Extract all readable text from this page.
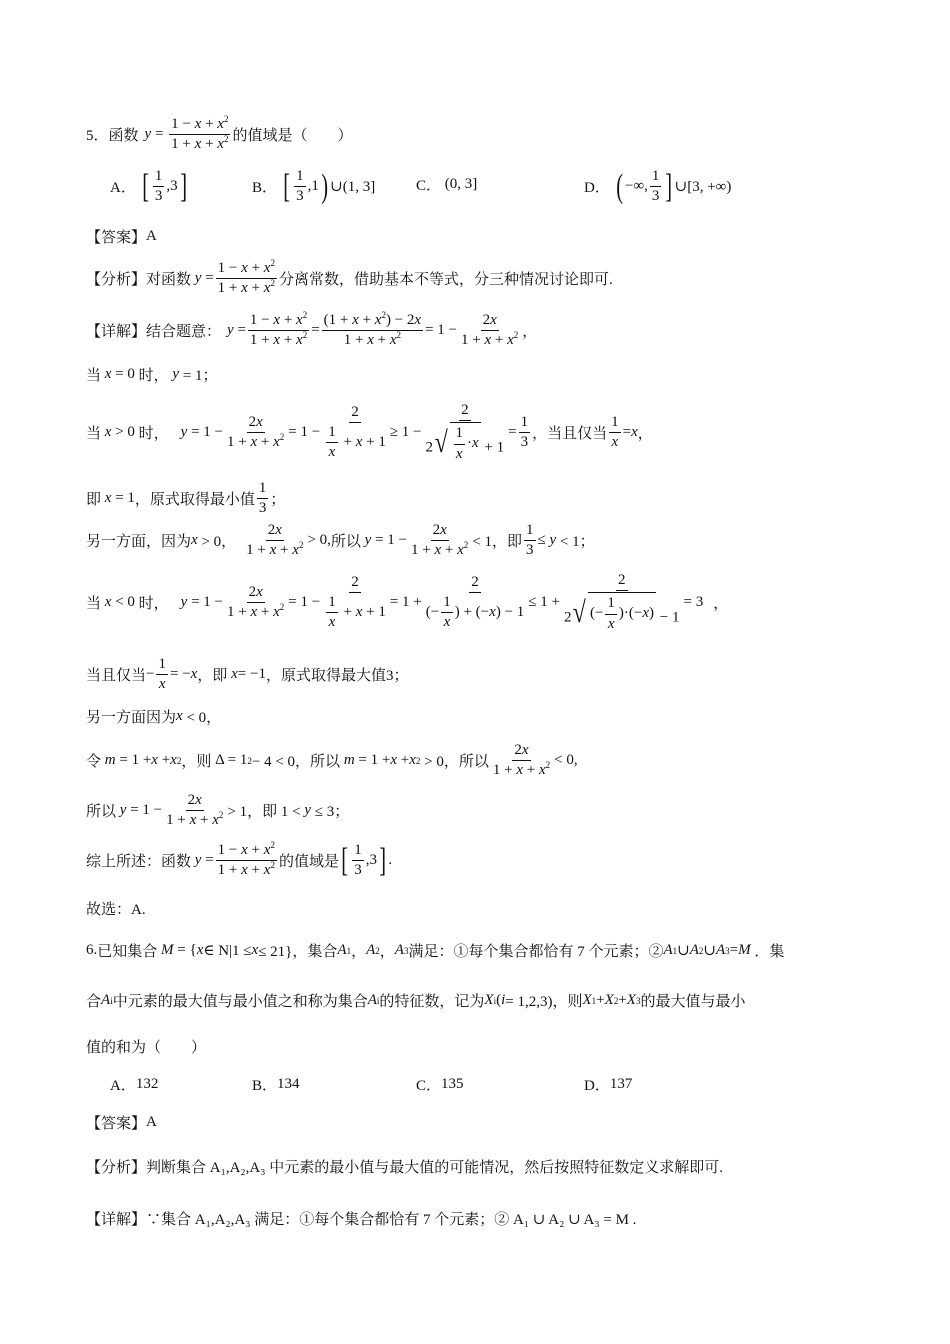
5． 函数 $y = \frac{1 - x + x^2}{1 + x + x^2}$ 的值域是（　　）
A．
[ $\frac{1}{3} ,3$ ]	B．
[ $\frac{1}{3} ,1$ ) ∪(1, 3]	C． (0, 3]	D．
( −∞, $\frac{1}{3}$ ] ∪[3, +∞)
【答案】 A
【分析】 对函数 $y = \frac{1 - x + x^2}{1 + x + x^2}$ 分离常数，借助基本不等式，分三种情况讨论即可.
【详解】 结合题意： $y = \frac{1 - x + x^2}{1 + x + x^2} = \frac{(1 + x + x^2) - 2x}{1 + x + x^2} = 1 - \frac{2x}{1 + x + x^2}$ ，
当 x = 0 时，
y = 1；
当 x > 0 时， $y = 1 - \frac{2x}{1 + x + x^2} = 1 - \frac{2}{\frac{1}{x} + x + 1} \ge 1 - \frac{2}{2 √ \frac{1}{x} \cdot x + 1} = \frac{1}{3}$ ， 当且仅当 $\frac{1}{x} = x$ ，
即 x = 1 ，原式取得最小值 $\frac{1}{3}$ ；
另一方面，因为 x > 0， $\frac{2x}{1 + x + x^2} > 0$, 所以 $y = 1 - \frac{2x}{1 + x + x^2} < 1$，即 $\frac{1}{3} \le y < 1$；
当 x < 0 时， $y = 1 - \frac{2x}{1 + x + x^2} = 1 - \frac{2}{\frac{1}{x} + x + 1} = 1 + \frac{2}{(- \frac{1}{x} ) + (-x) - 1} \le 1 + \frac{2}{2 √ (- \frac{1}{x} )\cdot(- x ) - 1} = 3$ ，
当且仅当 − $\frac{1}{x}$ = − x ， 即 x = −1 ，原式取得最大值 3；
另一方面因为 x < 0，
令 m = 1 + x + x 2 ，则 Δ = 1 2 − 4 < 0，所以 m = 1 + x + x 2 > 0，所以 $\frac{2x}{1 + x + x^2} < 0$,
所以 $y = 1 - \frac{2x}{1 + x + x^2} > 1$，即 1 < y ≤ 3；
综上所述：函数 $y = \frac{1 - x + x^2}{1 + x + x^2}$ 的值域是 [ $\frac{1}{3} ,3$ ] .
故选：A.
6. 已知集合 M = { x ∈ N|1 ≤ x ≤ 21}，集合 A 1 ， A 2 ， A 3 满足：①每个集合都恰有 7 个元素；② A 1 ∪ A 2 ∪ A 3 = M ．集
合 A i 中元素的最大值与最小值之和称为集合 A i 的特征数，记为 X i ( i = 1,2,3)，则 X 1 + X 2 + X 3 的最大值与最小
值的和为（　　）
A． 132	B． 134	C． 135	D． 137
【答案】 A
【分析】 判断集合 A₁,A₂,A₃ 中元素的最小值与最大值的可能情况，然后按照特征数定义求解即可.
【详解】 ∵集合 A₁,A₂,A₃ 满足：①每个集合都恰有 7 个元素；② A₁ ∪ A₂ ∪ A₃ = M .
